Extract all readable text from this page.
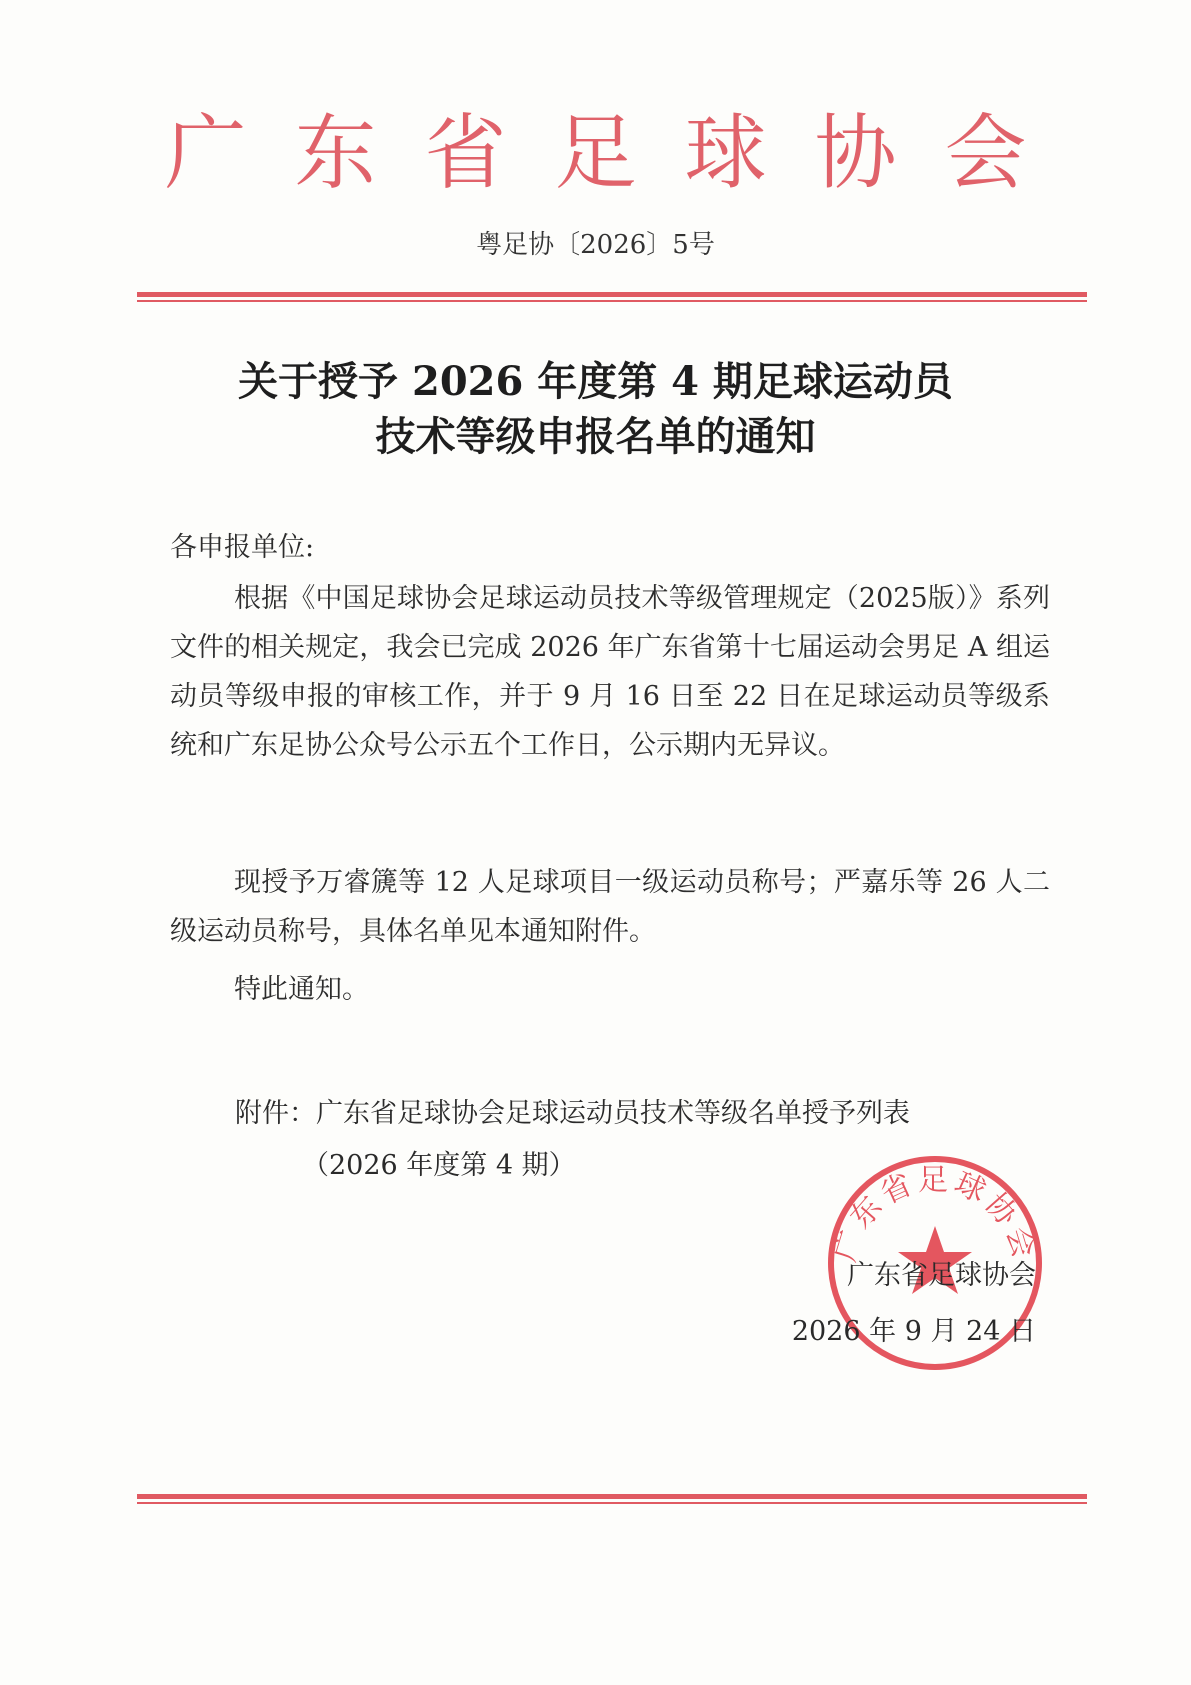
广东省足球协会
粤足协〔2026〕5号
关于授予 2026 年度第 4 期足球运动员
技术等级申报名单的通知
各申报单位:
根据《中国足球协会足球运动员技术等级管理规定（2025版）》系列文件的相关规定，我会已完成 2026 年广东省第十七届运动会男足 A 组运动员等级申报的审核工作，并于 9 月 16 日至 22 日在足球运动员等级系统和广东足协公众号公示五个工作日，公示期内无异议。
现授予万睿篪等 12 人足球项目一级运动员称号；严嘉乐等 26 人二级运动员称号，具体名单见本通知附件。
特此通知。
附件：广东省足球协会足球运动员技术等级名单授予列表
（2026 年度第 4 期）
广东省足球协会
广东省足球协会
2026 年 9 月 24 日
